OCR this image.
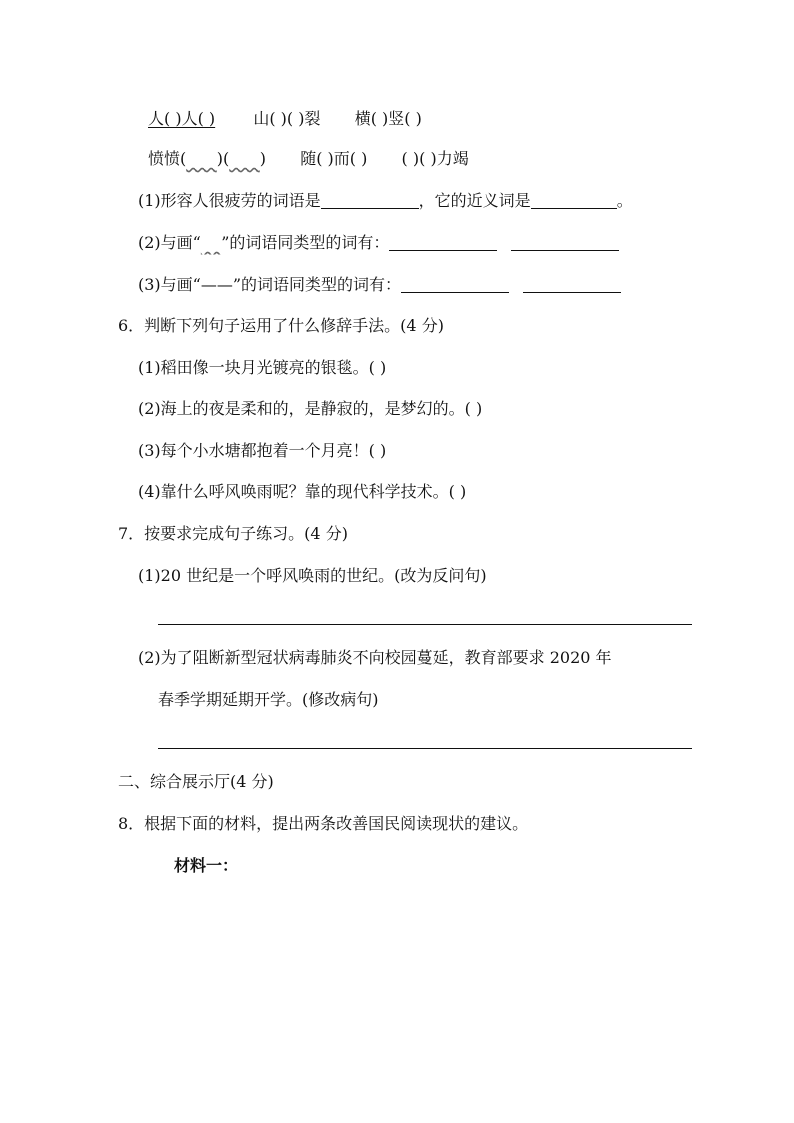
人( )人( ) 山( )( )裂 横( )竖( )
愤愤( )( ) 随( )而( ) ( )( )力竭
(1)形容人很疲劳的词语是	，它的近义词是	。
(2)与画“ ”的词语同类型的词有：
(3)与画“——”的词语同类型的词有：
6．判断下列句子运用了什么修辞手法。(4 分)
(1)稻田像一块月光镀亮的银毯。( )
(2)海上的夜是柔和的，是静寂的，是梦幻的。( )
(3)每个小水塘都抱着一个月亮！( )
(4)靠什么呼风唤雨呢？靠的现代科学技术。( )
7．按要求完成句子练习。(4 分)
(1)20 世纪是一个呼风唤雨的世纪。(改为反问句)
(2)为了阻断新型冠状病毒肺炎不向校园蔓延，教育部要求 2020 年
春季学期延期开学。(修改病句)
二、综合展示厅(4 分)
8．根据下面的材料，提出两条改善国民阅读现状的建议。
材料一：
